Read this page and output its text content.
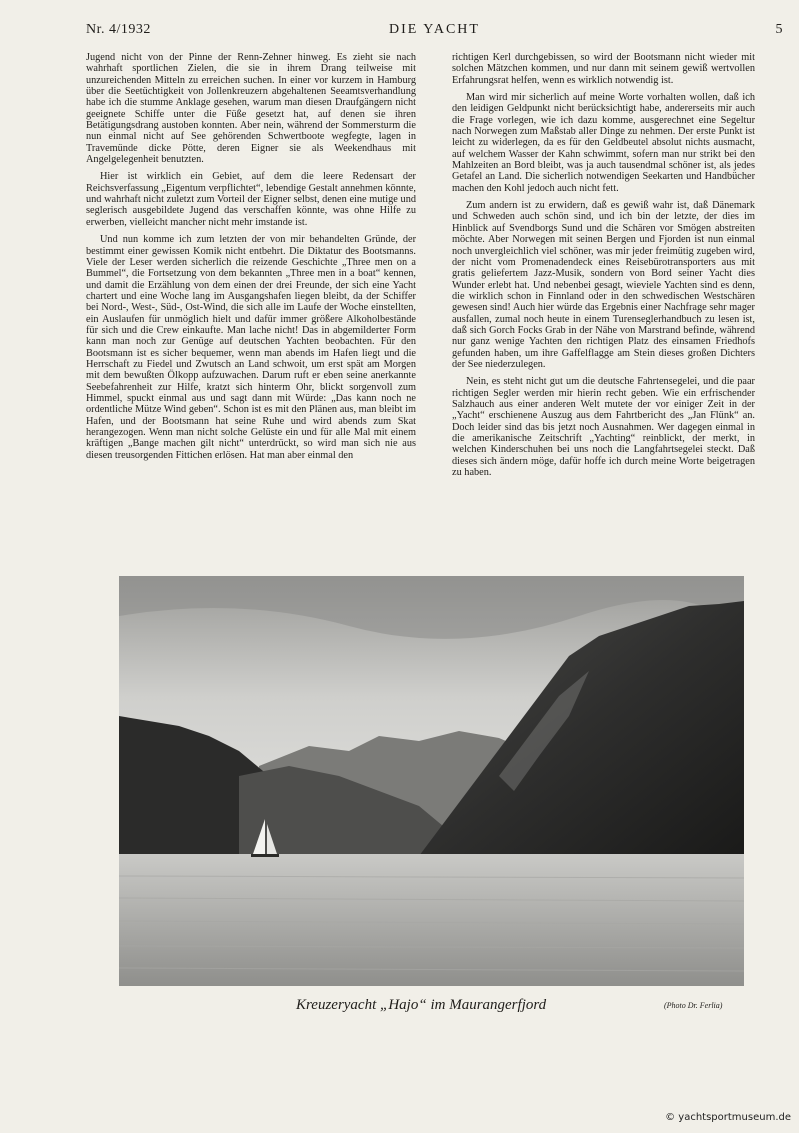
Nr. 4/1932	DIE YACHT	5

Jugend nicht von der Pinne der Renn-Zehner hinweg. Es zieht sie nach wahrhaft sportlichen Zielen, die sie in ihrem Drang teilweise mit unzureichenden Mitteln zu erreichen suchen. In einer vor kurzem in Hamburg über die Seetüchtigkeit von Jollenkreuzern abgehaltenen Seeamtsverhandlung habe ich die stumme Anklage gesehen, warum man diesen Draufgängern nicht geeignete Schiffe unter die Füße gesetzt hat, auf denen sie ihren Betätigungsdrang austoben konnten. Aber nein, während der Sommersturm die nun einmal nicht auf See gehörenden Schwertboote wegfegte, lagen in Travemünde dicke Pötte, deren Eigner sie als Weekendhaus mit Angelgelegenheit benutzten.

Hier ist wirklich ein Gebiet, auf dem die leere Redensart der Reichsverfassung „Eigentum verpflichtet“, lebendige Gestalt annehmen könnte, und wahrhaft nicht zuletzt zum Vorteil der Eigner selbst, denen eine mutige und seglerisch ausgebildete Jugend das verschaffen könnte, was ohne Hilfe zu erwerben, vielleicht mancher nicht mehr imstande ist.

Und nun komme ich zum letzten der von mir behandelten Gründe, der bestimmt einer gewissen Komik nicht entbehrt. Die Diktatur des Bootsmanns. Viele der Leser werden sicherlich die reizende Geschichte „Three men on a Bummel“, die Fortsetzung von dem bekannten „Three men in a boat“ kennen, und damit die Erzählung von dem einen der drei Freunde, der sich eine Yacht chartert und eine Woche lang im Ausgangshafen liegen bleibt, da der Schiffer bei Nord-, West-, Süd-, Ost-Wind, die sich alle im Laufe der Woche einstellten, ein Auslaufen für unmöglich hielt und dafür immer größere Alkoholbestände für sich und die Crew einkaufte. Man lache nicht! Das in abgemilderter Form kann man noch zur Genüge auf deutschen Yachten beobachten. Für den Bootsmann ist es sicher bequemer, wenn man abends im Hafen liegt und die Herrschaft zu Fiedel und Zwutsch an Land schwoit, um erst spät am Morgen mit dem bewußten Ölkopp aufzuwachen. Darum ruft er eben seine anerkannte Seebefahrenheit zur Hilfe, kratzt sich hinterm Ohr, blickt sorgenvoll zum Himmel, spuckt einmal aus und sagt dann mit Würde: „Das kann noch ne ordentliche Mütze Wind geben“. Schon ist es mit den Plänen aus, man bleibt im Hafen, und der Bootsmann hat seine Ruhe und wird abends zum Skat herangezogen. Wenn man nicht solche Gelüste ein und für alle Mal mit einem kräftigen „Bange machen gilt nicht“ unterdrückt, so wird man sich nie aus diesen treusorgenden Fittichen erlösen. Hat man aber einmal den

richtigen Kerl durchgebissen, so wird der Bootsmann nicht wieder mit solchen Mätzchen kommen, und nur dann mit seinem gewiß wertvollen Erfahrungsrat helfen, wenn es wirklich notwendig ist.

Man wird mir sicherlich auf meine Worte vorhalten wollen, daß ich den leidigen Geldpunkt nicht berücksichtigt habe, andererseits mir auch die Frage vorlegen, wie ich dazu komme, ausgerechnet eine Segeltur nach Norwegen zum Maßstab aller Dinge zu nehmen. Der erste Punkt ist leicht zu widerlegen, da es für den Geldbeutel absolut nichts ausmacht, auf welchem Wasser der Kahn schwimmt, sofern man nur strikt bei den Mahlzeiten an Bord bleibt, was ja auch tausendmal schöner ist, als jedes Getafel an Land. Die sicherlich notwendigen Seekarten und Handbücher machen den Kohl jedoch auch nicht fett.

Zum andern ist zu erwidern, daß es gewiß wahr ist, daß Dänemark und Schweden auch schön sind, und ich bin der letzte, der dies im Hinblick auf Svendborgs Sund und die Schären vor Smögen abstreiten möchte. Aber Norwegen mit seinen Bergen und Fjorden ist nun einmal noch unvergleichlich viel schöner, was mir jeder freimütig zugeben wird, der nicht vom Promenadendeck eines Reisebürotransporters aus mit gratis geliefertem Jazz-Musik, sondern von Bord seiner Yacht dies Wunder erlebt hat. Und nebenbei gesagt, wieviele Yachten sind es denn, die wirklich schon in Finnland oder in den schwedischen Westschären gewesen sind! Auch hier würde das Ergebnis einer Nachfrage sehr mager ausfallen, zumal noch heute in einem Turenseglerhandbuch zu lesen ist, daß sich Gorch Focks Grab in der Nähe von Marstrand befinde, während nur ganz wenige Yachten den richtigen Platz des einsamen Friedhofs gefunden haben, um ihre Gaffelflagge am Stein dieses großen Dichters der See niederzulegen.

Nein, es steht nicht gut um die deutsche Fahrtensegelei, und die paar richtigen Segler werden mir hierin recht geben. Wie ein erfrischender Salzhauch aus einer anderen Welt mutete der vor einiger Zeit in der „Yacht“ erschienene Auszug aus dem Fahrtbericht des „Jan Flünk“ an. Doch leider sind das bis jetzt noch Ausnahmen. Wer dagegen einmal in die amerikanische Zeitschrift „Yachting“ reinblickt, der merkt, in welchen Kinderschuhen bei uns noch die Langfahrtsegelei steckt. Daß dieses sich ändern möge, dafür hoffe ich durch meine Worte beigetragen zu haben.

Kreuzeryacht „Hajo“ im Maurangerfjord	(Photo Dr. Ferlia)
© yachtsportmuseum.de
